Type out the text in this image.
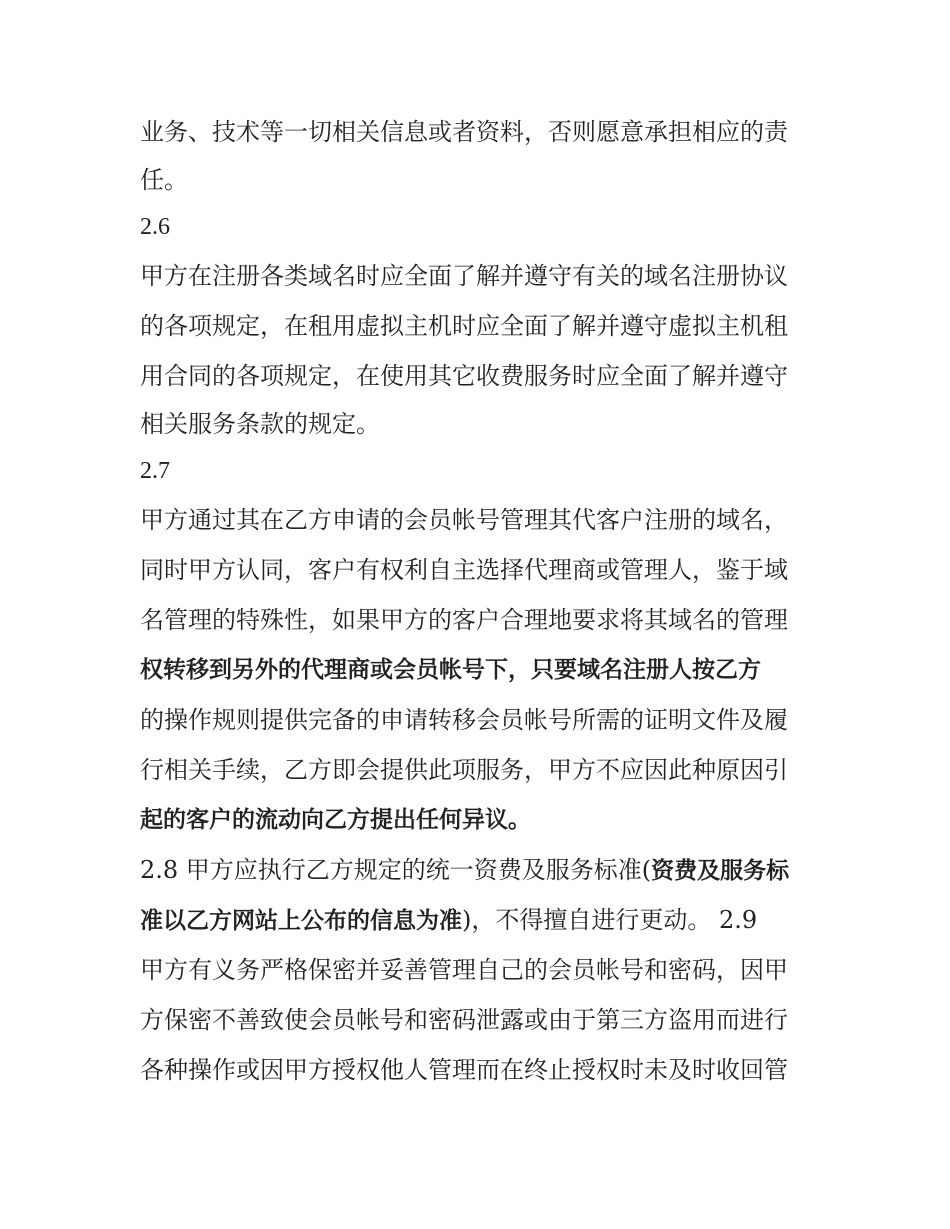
业务、技术等一切相关信息或者资料，否则愿意承担相应的责
任。
2.6
甲方在注册各类域名时应全面了解并遵守有关的域名注册协议
的各项规定，在租用虚拟主机时应全面了解并遵守虚拟主机租
用合同的各项规定，在使用其它收费服务时应全面了解并遵守
相关服务条款的规定。
2.7
甲方通过其在乙方申请的会员帐号管理其代客户注册的域名，
同时甲方认同，客户有权利自主选择代理商或管理人，鉴于域
名管理的特殊性，如果甲方的客户合理地要求将其域名的管理
权转移到另外的代理商或会员帐号下，只要域名注册人按乙方
的操作规则提供完备的申请转移会员帐号所需的证明文件及履
行相关手续，乙方即会提供此项服务，甲方不应因此种原因引
起的客户的流动向乙方提出任何异议。
2.8 甲方应执行乙方规定的统一资费及服务标准(资费及服务标
准以乙方网站上公布的信息为准)，不得擅自进行更动。 2.9
甲方有义务严格保密并妥善管理自己的会员帐号和密码，因甲
方保密不善致使会员帐号和密码泄露或由于第三方盗用而进行
各种操作或因甲方授权他人管理而在终止授权时未及时收回管
